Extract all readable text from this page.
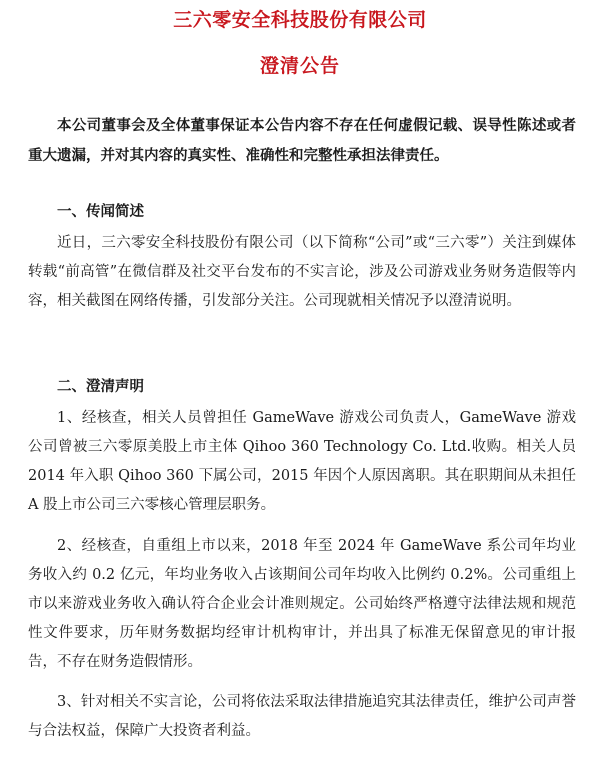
三六零安全科技股份有限公司
澄清公告
本公司董事会及全体董事保证本公告内容不存在任何虚假记载、误导性陈述或者重大遗漏，并对其内容的真实性、准确性和完整性承担法律责任。
一、传闻简述
近日，三六零安全科技股份有限公司（以下简称“公司”或“三六零”）关注到媒体转载“前高管”在微信群及社交平台发布的不实言论，涉及公司游戏业务财务造假等内容，相关截图在网络传播，引发部分关注。公司现就相关情况予以澄清说明。
二、澄清声明
1、经核查，相关人员曾担任 GameWave 游戏公司负责人，GameWave 游戏公司曾被三六零原美股上市主体 Qihoo 360 Technology Co. Ltd.收购。相关人员 2014 年入职 Qihoo 360 下属公司，2015 年因个人原因离职。其在职期间从未担任 A 股上市公司三六零核心管理层职务。
2、经核查，自重组上市以来，2018 年至 2024 年 GameWave 系公司年均业务收入约 0.2 亿元，年均业务收入占该期间公司年均收入比例约 0.2%。公司重组上市以来游戏业务收入确认符合企业会计准则规定。公司始终严格遵守法律法规和规范性文件要求，历年财务数据均经审计机构审计，并出具了标准无保留意见的审计报告，不存在财务造假情形。
3、针对相关不实言论，公司将依法采取法律措施追究其法律责任，维护公司声誉与合法权益，保障广大投资者利益。
